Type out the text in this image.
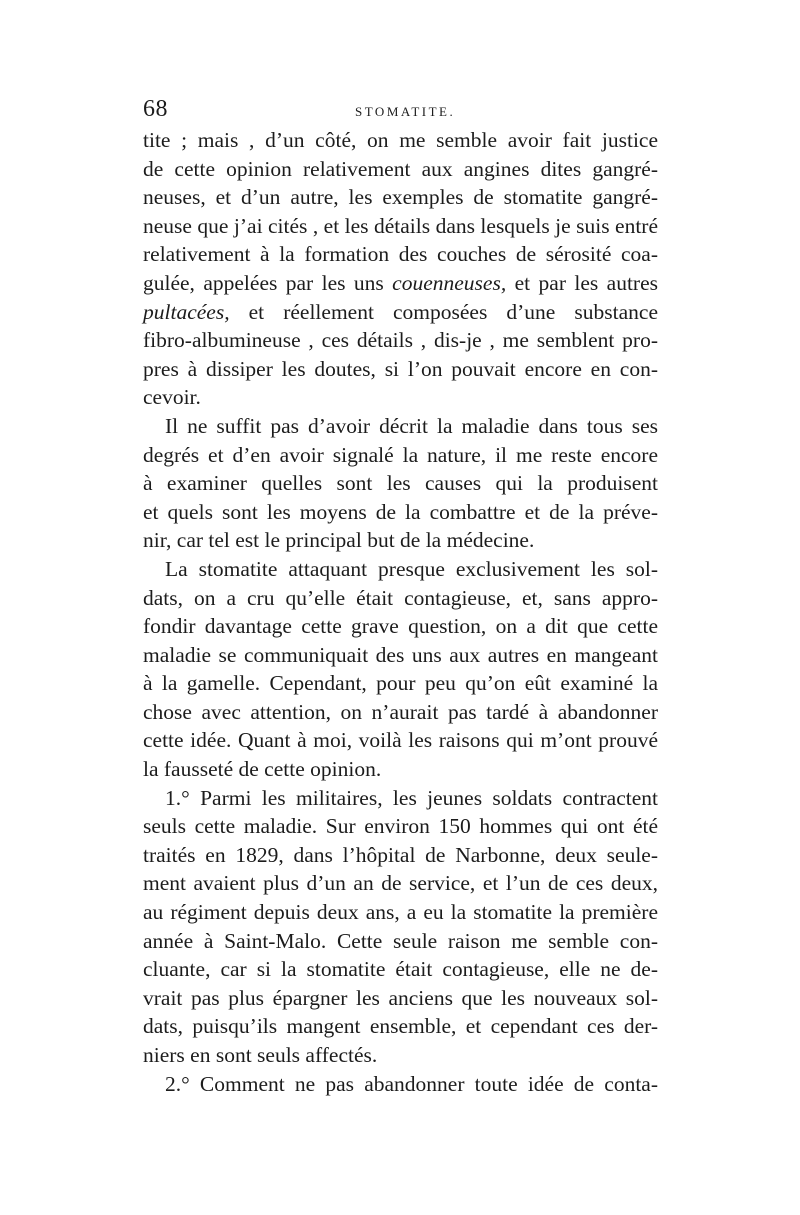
68	STOMATITE.
tite ; mais , d’un côté, on me semble avoir fait justice
de cette opinion relativement aux angines dites gangré-
neuses, et d’un autre, les exemples de stomatite gangré-
neuse que j’ai cités , et les détails dans lesquels je suis entré
relativement à la formation des couches de sérosité coa-
gulée, appelées par les uns couenneuses, et par les autres
pultacées, et réellement composées d’une substance
fibro-albumineuse , ces détails , dis-je , me semblent pro-
pres à dissiper les doutes, si l’on pouvait encore en con-
cevoir.
Il ne suffit pas d’avoir décrit la maladie dans tous ses
degrés et d’en avoir signalé la nature, il me reste encore
à examiner quelles sont les causes qui la produisent
et quels sont les moyens de la combattre et de la préve-
nir, car tel est le principal but de la médecine.
La stomatite attaquant presque exclusivement les sol-
dats, on a cru qu’elle était contagieuse, et, sans appro-
fondir davantage cette grave question, on a dit que cette
maladie se communiquait des uns aux autres en mangeant
à la gamelle. Cependant, pour peu qu’on eût examiné la
chose avec attention, on n’aurait pas tardé à abandonner
cette idée. Quant à moi, voilà les raisons qui m’ont prouvé
la fausseté de cette opinion.
1.° Parmi les militaires, les jeunes soldats contractent
seuls cette maladie. Sur environ 150 hommes qui ont été
traités en 1829, dans l’hôpital de Narbonne, deux seule-
ment avaient plus d’un an de service, et l’un de ces deux,
au régiment depuis deux ans, a eu la stomatite la première
année à Saint-Malo. Cette seule raison me semble con-
cluante, car si la stomatite était contagieuse, elle ne de-
vrait pas plus épargner les anciens que les nouveaux sol-
dats, puisqu’ils mangent ensemble, et cependant ces der-
niers en sont seuls affectés.
2.° Comment ne pas abandonner toute idée de conta-
